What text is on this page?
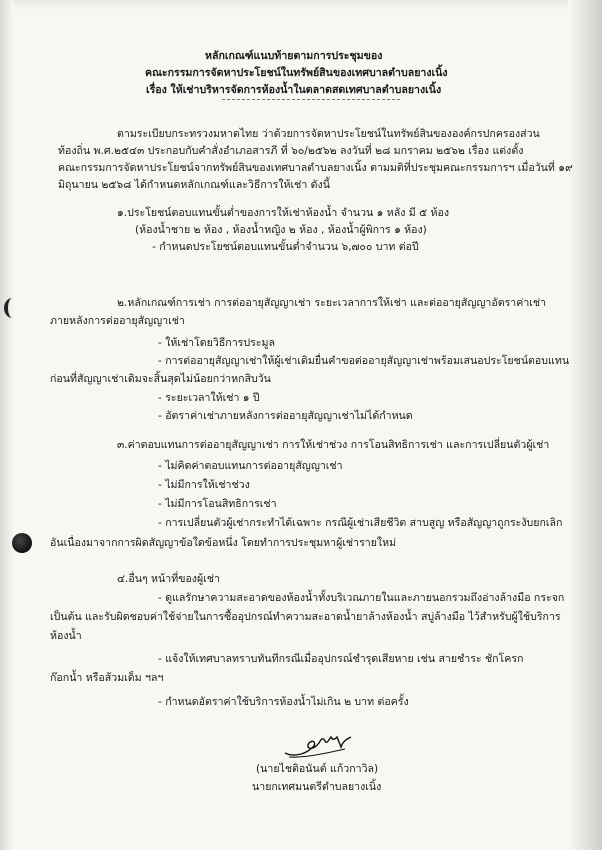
หลักเกณฑ์แนบท้ายตามการประชุมของ
คณะกรรมการจัดหาประโยชน์ในทรัพย์สินของเทศบาลตำบลยางเนิ้ง
เรื่อง ให้เช่าบริหารจัดการห้องน้ำในตลาดสดเทศบาลตำบลยางเนิ้ง
ตามระเบียบกระทรวงมหาดไทย ว่าด้วยการจัดหาประโยชน์ในทรัพย์สินขององค์กรปกครองส่วน
ท้องถิ่น พ.ศ.๒๕๔๓ ประกอบกับคำสั่งอำเภอสารภี ที่ ๖๐/๒๕๖๒ ลงวันที่ ๒๘ มกราคม ๒๕๖๒ เรื่อง แต่งตั้ง
คณะกรรมการจัดหาประโยชน์จากทรัพย์สินของเทศบาลตำบลยางเนิ้ง ตามมติที่ประชุมคณะกรรมการฯ เมื่อวันที่ ๑๙
มิถุนายน ๒๕๖๘ ได้กำหนดหลักเกณฑ์และวิธีการให้เช่า ดังนี้
๑.ประโยชน์ตอบแทนขั้นต่ำของการให้เช่าห้องน้ำ จำนวน ๑ หลัง มี ๕ ห้อง
(ห้องน้ำชาย ๒ ห้อง , ห้องน้ำหญิง ๒ ห้อง , ห้องน้ำผู้พิการ ๑ ห้อง)
- กำหนดประโยชน์ตอบแทนขั้นต่ำจำนวน ๖,๗๐๐ บาท ต่อปี
๒.หลักเกณฑ์การเช่า การต่ออายุสัญญาเช่า ระยะเวลาการให้เช่า และต่ออายุสัญญาอัตราค่าเช่า
ภายหลังการต่ออายุสัญญาเช่า
- ให้เช่าโดยวิธีการประมูล
- การต่ออายุสัญญาเช่าให้ผู้เช่าเดิมยื่นคำขอต่ออายุสัญญาเช่าพร้อมเสนอประโยชน์ตอบแทน
ก่อนที่สัญญาเช่าเดิมจะสิ้นสุดไม่น้อยกว่าหกสิบวัน
- ระยะเวลาให้เช่า ๑ ปี
- อัตราค่าเช่าภายหลังการต่ออายุสัญญาเช่าไม่ได้กำหนด
๓.ค่าตอบแทนการต่ออายุสัญญาเช่า การให้เช่าช่วง การโอนสิทธิการเช่า และการเปลี่ยนตัวผู้เช่า
- ไม่คิดค่าตอบแทนการต่ออายุสัญญาเช่า
- ไม่มีการให้เช่าช่วง
- ไม่มีการโอนสิทธิการเช่า
- การเปลี่ยนตัวผู้เช่ากระทำได้เฉพาะ กรณีผู้เช่าเสียชีวิต สาบสูญ หรือสัญญาถูกระงับยกเลิก
อันเนื่องมาจากการผิดสัญญาข้อใดข้อหนึ่ง โดยทำการประชุมหาผู้เช่ารายใหม่
๔.อื่นๆ หน้าที่ของผู้เช่า
- ดูแลรักษาความสะอาดของห้องน้ำทั้งบริเวณภายในและภายนอกรวมถึงอ่างล้างมือ กระจก
เป็นต้น และรับผิดชอบค่าใช้จ่ายในการซื้ออุปกรณ์ทำความสะอาดน้ำยาล้างห้องน้ำ สบู่ล้างมือ ไว้สำหรับผู้ใช้บริการ
ห้องน้ำ
- แจ้งให้เทศบาลทราบทันทีกรณีเมื่ออุปกรณ์ชำรุดเสียหาย เช่น สายชำระ ชักโครก
ก๊อกน้ำ หรือส้วมเต็ม ฯลฯ
- กำหนดอัตราค่าใช้บริการห้องน้ำไม่เกิน ๒ บาท ต่อครั้ง
(นายไชติอนันต์ แก้วกาวิล)
นายกเทศมนตรีตำบลยางเนิ้ง
